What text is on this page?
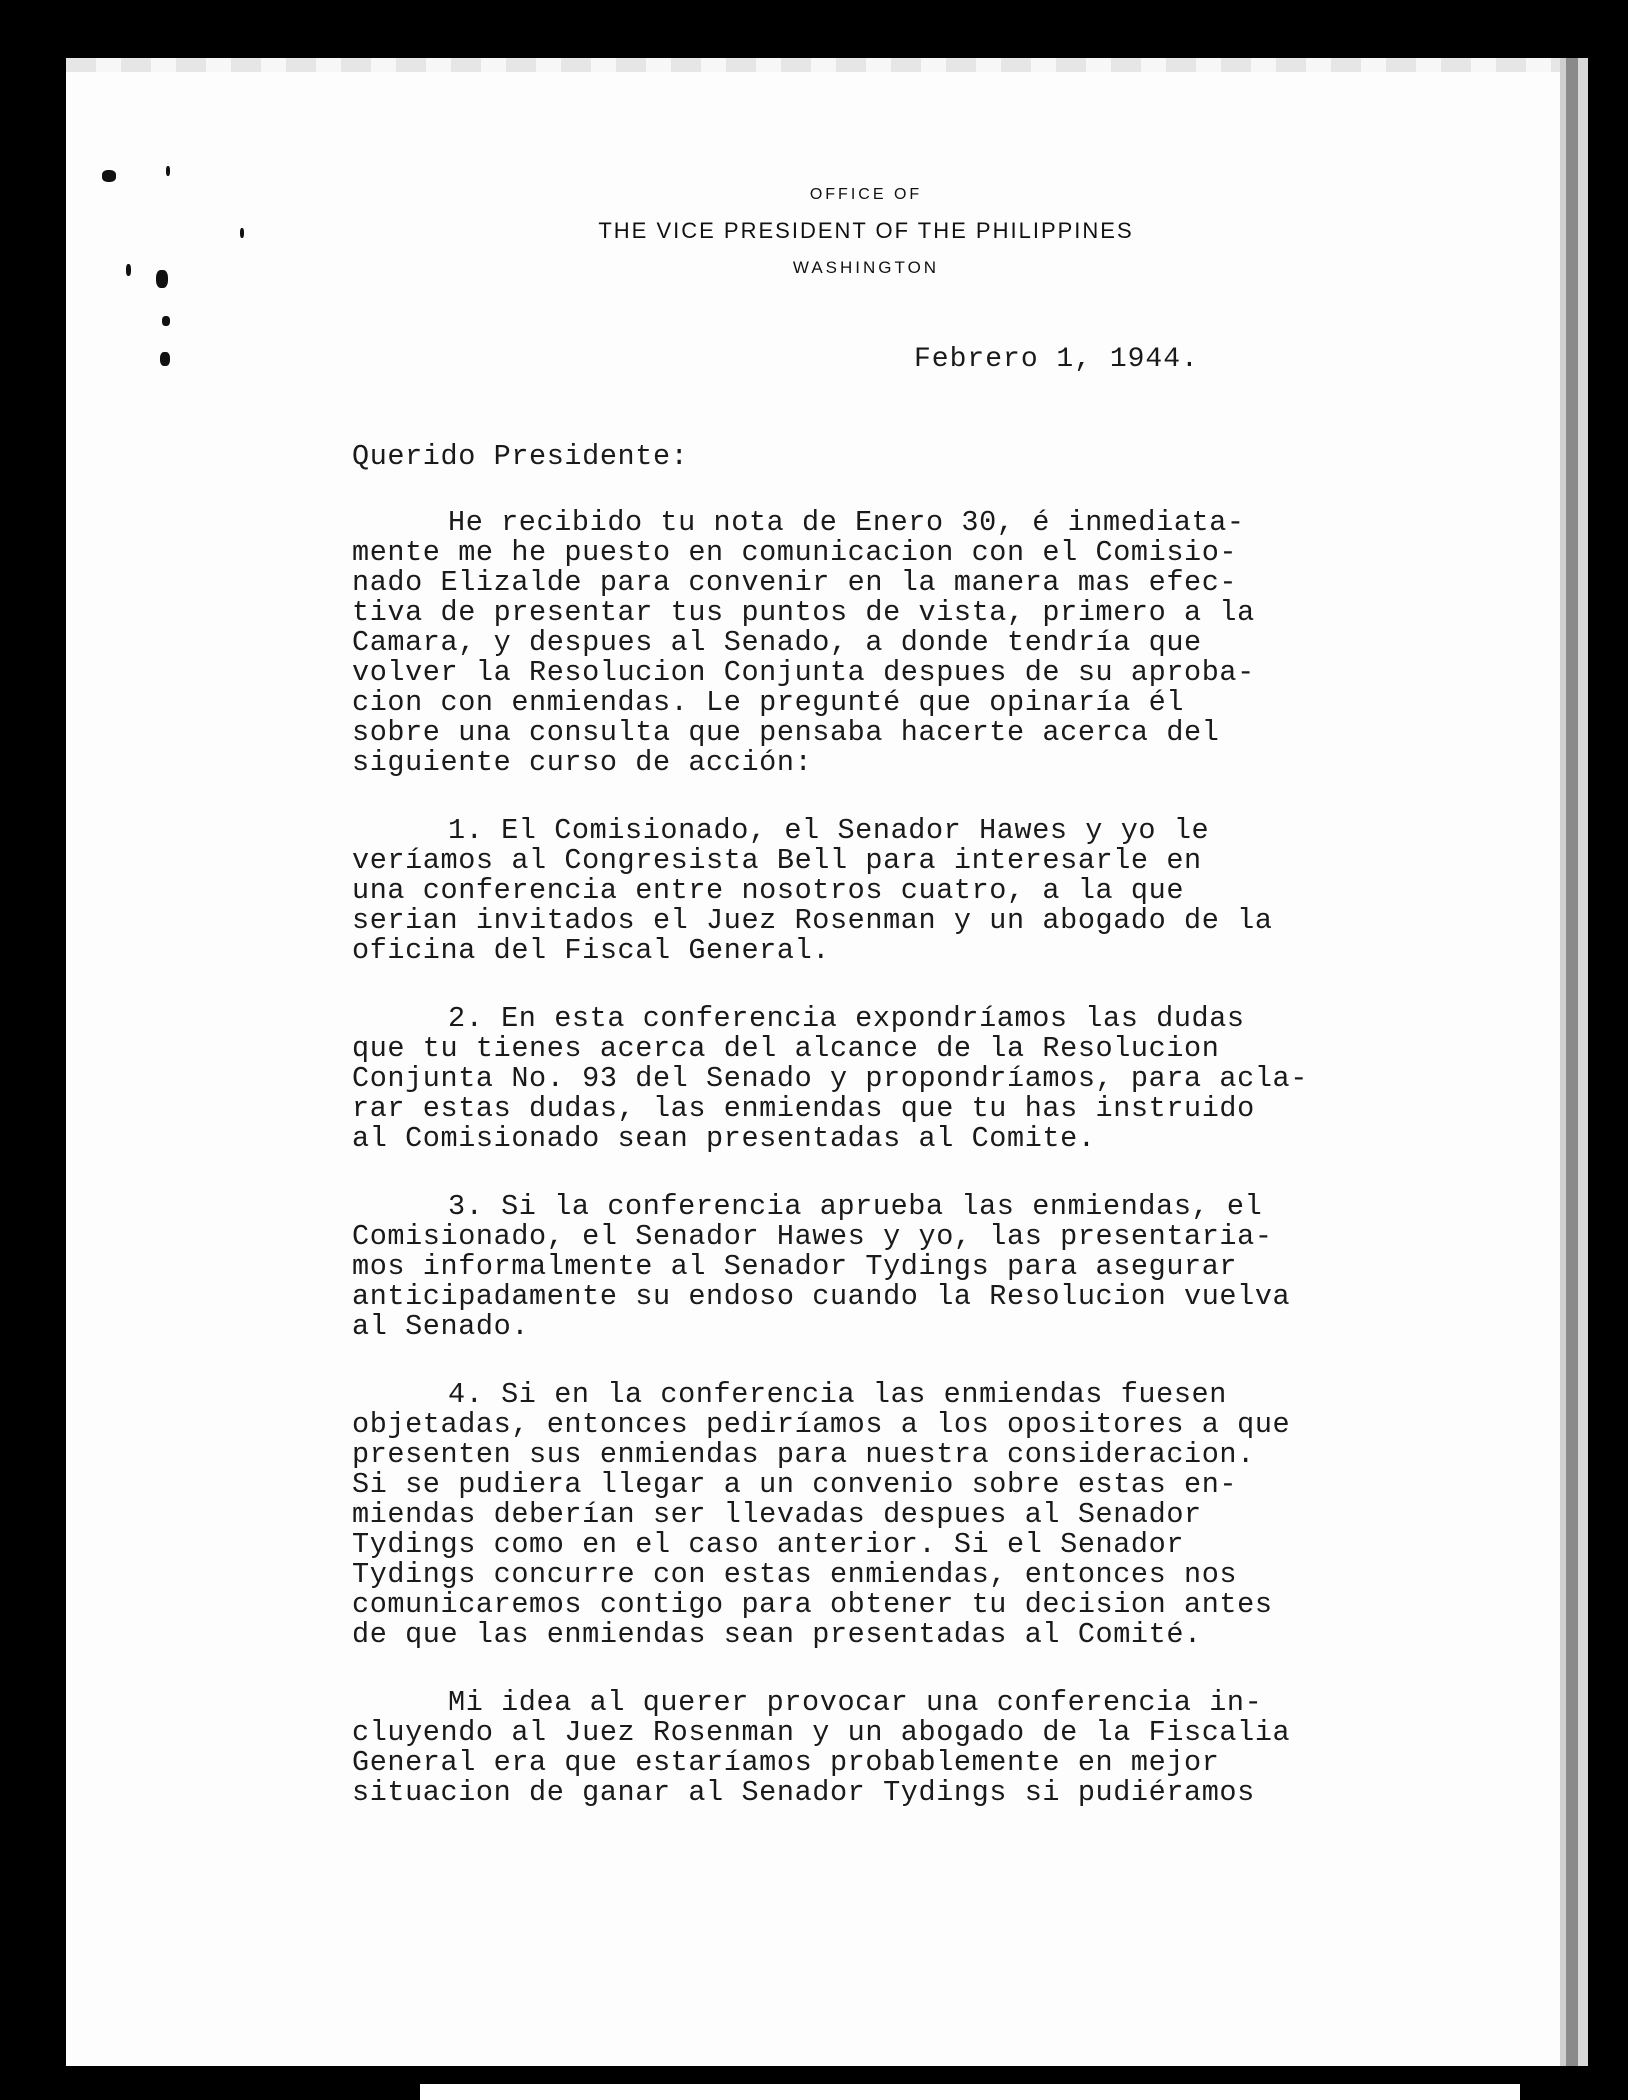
OFFICE OF
THE VICE PRESIDENT OF THE PHILIPPINES
WASHINGTON
Febrero 1, 1944.
Querido Presidente:
He recibido tu nota de Enero 30, é inmediata-
mente me he puesto en comunicacion con el Comisio-
nado Elizalde para convenir en la manera mas efec-
tiva de presentar tus puntos de vista, primero a la
Camara, y despues al Senado, a donde tendría que
volver la Resolucion Conjunta despues de su aproba-
cion con enmiendas. Le pregunté que opinaría él
sobre una consulta que pensaba hacerte acerca del
siguiente curso de acción:
1. El Comisionado, el Senador Hawes y yo le
veríamos al Congresista Bell para interesarle en
una conferencia entre nosotros cuatro, a la que
serian invitados el Juez Rosenman y un abogado de la
oficina del Fiscal General.
2. En esta conferencia expondríamos las dudas
que tu tienes acerca del alcance de la Resolucion
Conjunta No. 93 del Senado y propondríamos, para acla-
rar estas dudas, las enmiendas que tu has instruido
al Comisionado sean presentadas al Comite.
3. Si la conferencia aprueba las enmiendas, el
Comisionado, el Senador Hawes y yo, las presentaria-
mos informalmente al Senador Tydings para asegurar
anticipadamente su endoso cuando la Resolucion vuelva
al Senado.
4. Si en la conferencia las enmiendas fuesen
objetadas, entonces pediríamos a los opositores a que
presenten sus enmiendas para nuestra consideracion.
Si se pudiera llegar a un convenio sobre estas en-
miendas deberían ser llevadas despues al Senador
Tydings como en el caso anterior. Si el Senador
Tydings concurre con estas enmiendas, entonces nos
comunicaremos contigo para obtener tu decision antes
de que las enmiendas sean presentadas al Comité.
Mi idea al querer provocar una conferencia in-
cluyendo al Juez Rosenman y un abogado de la Fiscalia
General era que estaríamos probablemente en mejor
situacion de ganar al Senador Tydings si pudiéramos
